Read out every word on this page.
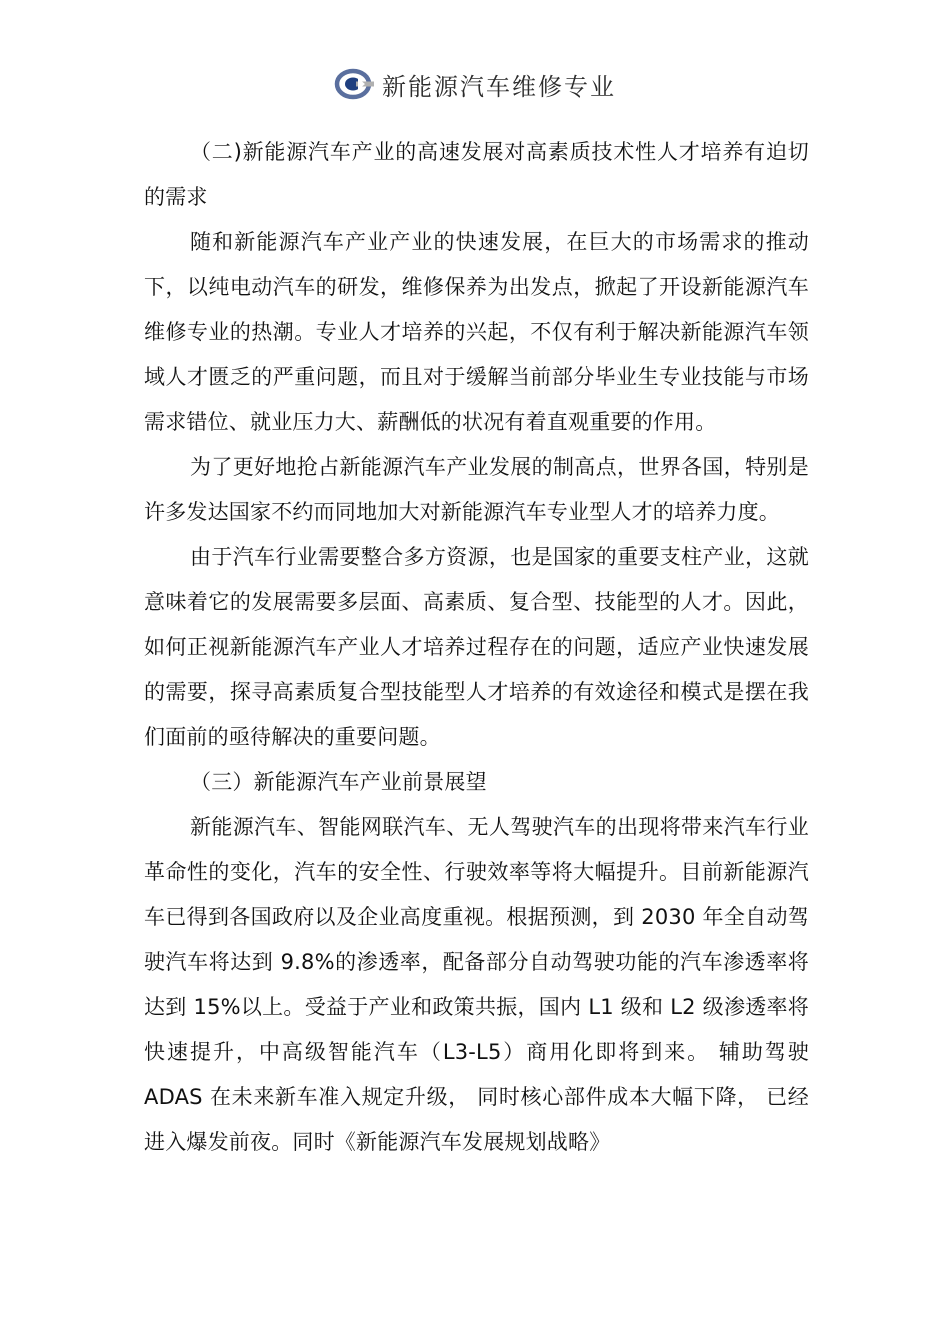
新能源汽车维修专业

（二)新能源汽车产业的高速发展对高素质技术性人才培养有迫切的需求

随和新能源汽车产业产业的快速发展，在巨大的市场需求的推动下，以纯电动汽车的研发，维修保养为出发点，掀起了开设新能源汽车维修专业的热潮。专业人才培养的兴起，不仅有利于解决新能源汽车领域人才匮乏的严重问题，而且对于缓解当前部分毕业生专业技能与市场需求错位、就业压力大、薪酬低的状况有着直观重要的作用。

为了更好地抢占新能源汽车产业发展的制高点，世界各国，特别是许多发达国家不约而同地加大对新能源汽车专业型人才的培养力度。

由于汽车行业需要整合多方资源，也是国家的重要支柱产业，这就意味着它的发展需要多层面、高素质、复合型、技能型的人才。因此，如何正视新能源汽车产业人才培养过程存在的问题，适应产业快速发展的需要，探寻高素质复合型技能型人才培养的有效途径和模式是摆在我们面前的亟待解决的重要问题。

（三）新能源汽车产业前景展望

新能源汽车、智能网联汽车、无人驾驶汽车的出现将带来汽车行业革命性的变化，汽车的安全性、行驶效率等将大幅提升。目前新能源汽车已得到各国政府以及企业高度重视。根据预测，到 2030 年全自动驾驶汽车将达到 9.8%的渗透率，配备部分自动驾驶功能的汽车渗透率将达到 15%以上。受益于产业和政策共振，国内 L1 级和 L2 级渗透率将快速提升，中高级智能汽车（L3-L5）商用化即将到来。 辅助驾驶 ADAS 在未来新车准入规定升级， 同时核心部件成本大幅下降， 已经进入爆发前夜。同时《新能源汽车发展规划战略》
